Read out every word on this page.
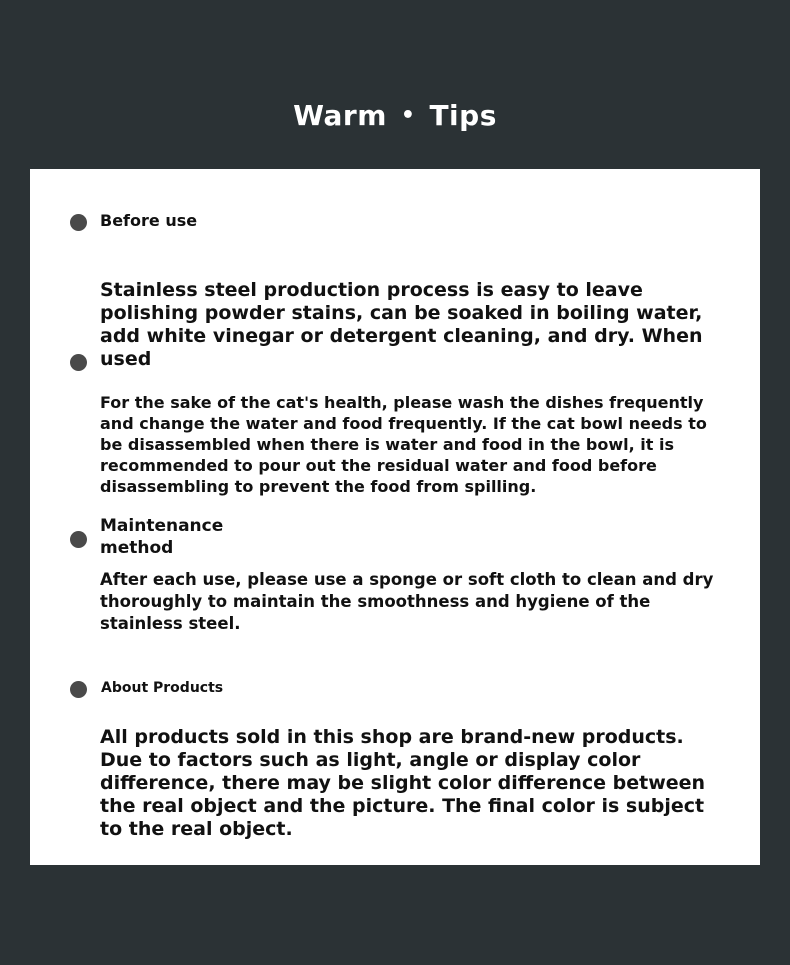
Warm • Tips
Before use
Stainless steel production process is easy to leave polishing powder stains, can be soaked in boiling water, add white vinegar or detergent cleaning, and dry. When used
For the sake of the cat's health, please wash the dishes frequently and change the water and food frequently. If the cat bowl needs to be disassembled when there is water and food in the bowl, it is recommended to pour out the residual water and food before disassembling to prevent the food from spilling.
Maintenance method
After each use, please use a sponge or soft cloth to clean and dry thoroughly to maintain the smoothness and hygiene of the stainless steel.
About Products
All products sold in this shop are brand-new products. Due to factors such as light, angle or display color difference, there may be slight color difference between the real object and the picture. The final color is subject to the real object.
